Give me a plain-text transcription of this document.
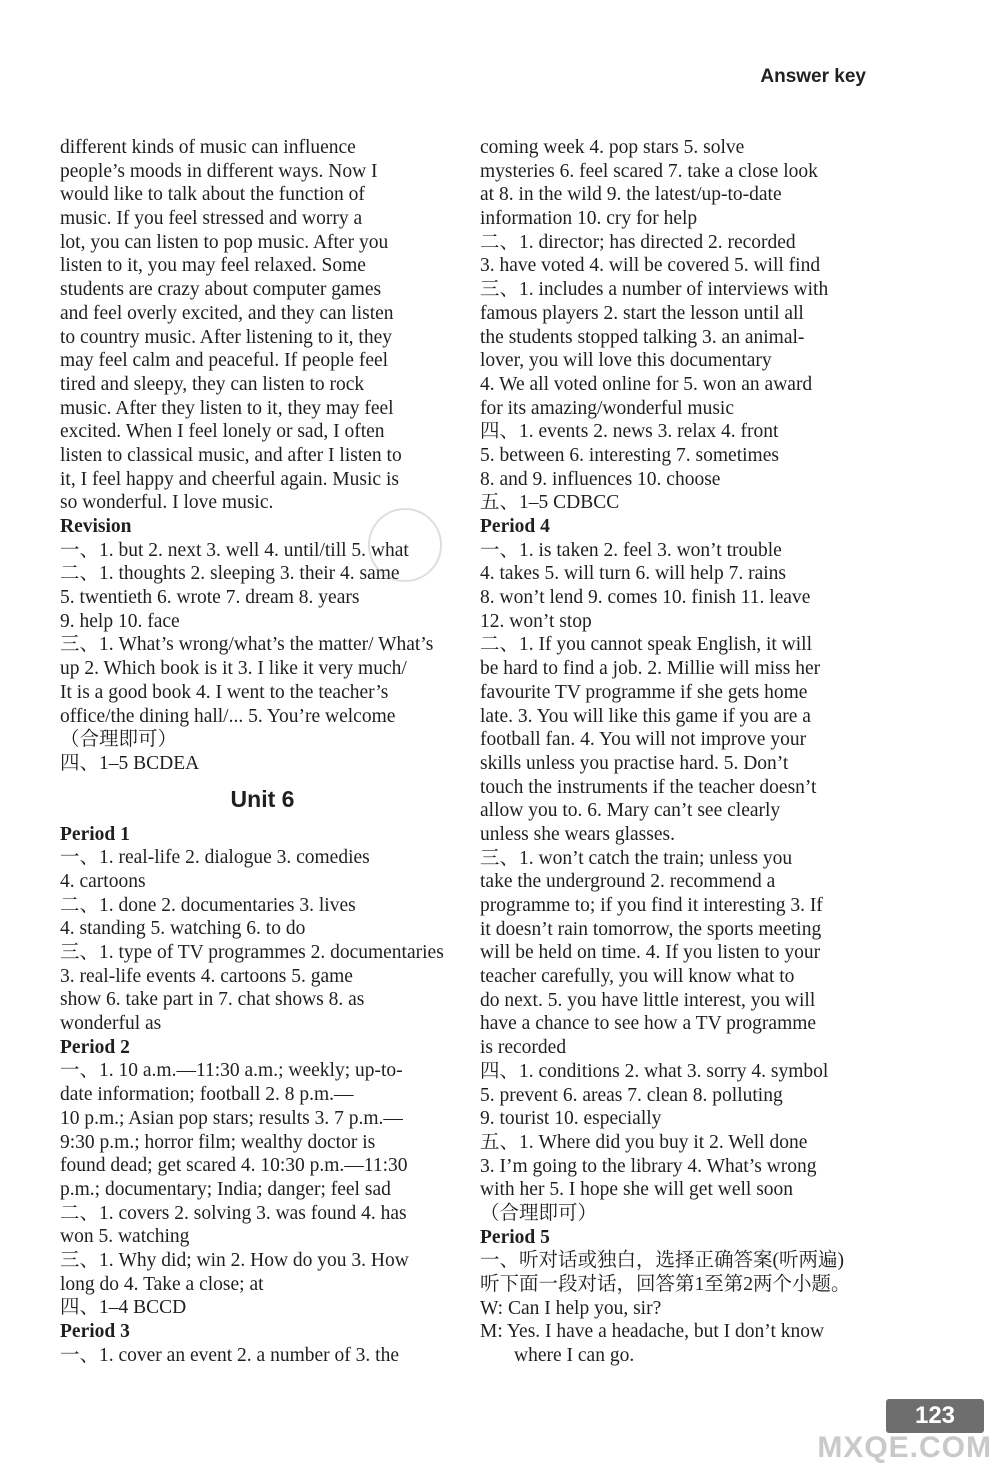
Answer key
different kinds of music can influence
people’s moods in different ways. Now I
would like to talk about the function of
music. If you feel stressed and worry a
lot, you can listen to pop music. After you
listen to it, you may feel relaxed. Some
students are crazy about computer games
and feel overly excited, and they can listen
to country music. After listening to it, they
may feel calm and peaceful. If people feel
tired and sleepy, they can listen to rock
music. After they listen to it, they may feel
excited. When I feel lonely or sad, I often
listen to classical music, and after I listen to
it, I feel happy and cheerful again. Music is
so wonderful. I love music.
Revision
一、1. but 2. next 3. well 4. until/till 5. what
二、1. thoughts 2. sleeping 3. their 4. same
5. twentieth 6. wrote 7. dream 8. years
9. help 10. face
三、1. What’s wrong/what’s the matter/ What’s
up 2. Which book is it 3. I like it very much/
It is a good book 4. I went to the teacher’s
office/the dining hall/... 5. You’re welcome
（合理即可）
四、1–5 BCDEA
Unit 6
Period 1
一、1. real-life 2. dialogue 3. comedies
4. cartoons
二、1. done 2. documentaries 3. lives
4. standing 5. watching 6. to do
三、1. type of TV programmes 2. documentaries
3. real-life events 4. cartoons 5. game
show 6. take part in 7. chat shows 8. as
wonderful as
Period 2
一、1. 10 a.m.—11:30 a.m.; weekly; up-to-
date information; football 2. 8 p.m.—
10 p.m.; Asian pop stars; results 3. 7 p.m.—
9:30 p.m.; horror film; wealthy doctor is
found dead; get scared 4. 10:30 p.m.—11:30
p.m.; documentary; India; danger; feel sad
二、1. covers 2. solving 3. was found 4. has
won 5. watching
三、1. Why did; win 2. How do you 3. How
long do 4. Take a close; at
四、1–4 BCCD
Period 3
一、1. cover an event 2. a number of 3. the
coming week 4. pop stars 5. solve
mysteries 6. feel scared 7. take a close look
at 8. in the wild 9. the latest/up-to-date
information 10. cry for help
二、1. director; has directed 2. recorded
3. have voted 4. will be covered 5. will find
三、1. includes a number of interviews with
famous players 2. start the lesson until all
the students stopped talking 3. an animal-
lover, you will love this documentary
4. We all voted online for 5. won an award
for its amazing/wonderful music
四、1. events 2. news 3. relax 4. front
5. between 6. interesting 7. sometimes
8. and 9. influences 10. choose
五、1–5 CDBCC
Period 4
一、1. is taken 2. feel 3. won’t trouble
4. takes 5. will turn 6. will help 7. rains
8. won’t lend 9. comes 10. finish 11. leave
12. won’t stop
二、1. If you cannot speak English, it will
be hard to find a job. 2. Millie will miss her
favourite TV programme if she gets home
late. 3. You will like this game if you are a
football fan. 4. You will not improve your
skills unless you practise hard. 5. Don’t
touch the instruments if the teacher doesn’t
allow you to. 6. Mary can’t see clearly
unless she wears glasses.
三、1. won’t catch the train; unless you
take the underground 2. recommend a
programme to; if you find it interesting 3. If
it doesn’t rain tomorrow, the sports meeting
will be held on time. 4. If you listen to your
teacher carefully, you will know what to
do next. 5. you have little interest, you will
have a chance to see how a TV programme
is recorded
四、1. conditions 2. what 3. sorry 4. symbol
5. prevent 6. areas 7. clean 8. polluting
9. tourist 10. especially
五、1. Where did you buy it 2. Well done
3. I’m going to the library 4. What’s wrong
with her 5. I hope she will get well soon
（合理即可）
Period 5
一、听对话或独白，选择正确答案(听两遍)
听下面一段对话，回答第1至第2两个小题。
W: Can I help you, sir?
M: Yes. I have a headache, but I don’t know
where I can go.
123
MXQE.COM
